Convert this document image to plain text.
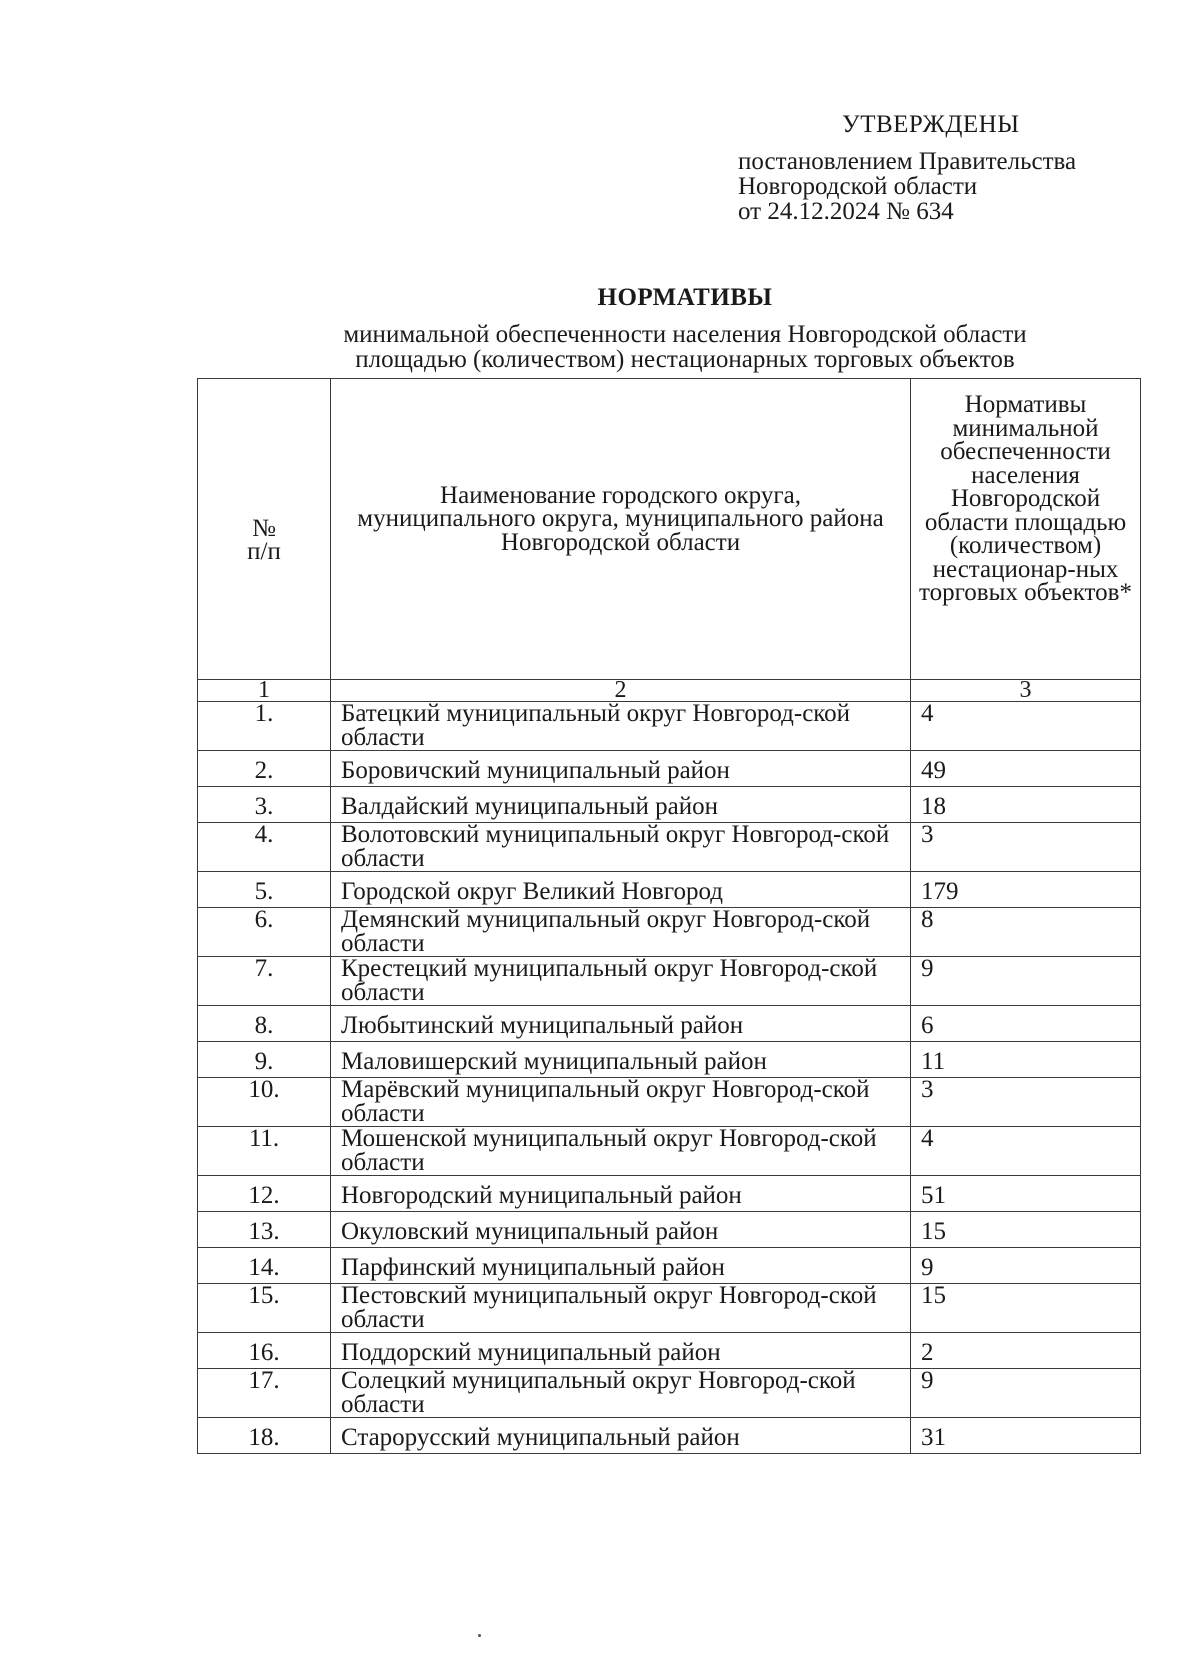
УТВЕРЖДЕНЫ
постановлением Правительства
Новгородской области
от 24.12.2024 № 634
НОРМАТИВЫ
минимальной обеспеченности населения Новгородской области
площадью (количеством) нестационарных торговых объектов
№
п/п	Наименование городского округа, муниципального округа, муниципального района Новгородской области	Нормативы минимальной обеспеченности населения Новгородской области площадью (количеством) нестационар-ных торговых объектов*
1	2	3
1.	Батецкий муниципальный округ Новгород-ской области	4
2.	Боровичский муниципальный район	49
3.	Валдайский муниципальный район	18
4.	Волотовский муниципальный округ Новгород-ской области	3
5.	Городской округ Великий Новгород	179
6.	Демянский муниципальный округ Новгород-ской области	8
7.	Крестецкий муниципальный округ Новгород-ской области	9
8.	Любытинский муниципальный район	6
9.	Маловишерский муниципальный район	11
10.	Марёвский муниципальный округ Новгород-ской области	3
11.	Мошенской муниципальный округ Новгород-ской области	4
12.	Новгородский муниципальный район	51
13.	Окуловский муниципальный район	15
14.	Парфинский муниципальный район	9
15.	Пестовский муниципальный округ Новгород-ской области	15
16.	Поддорский муниципальный район	2
17.	Солецкий муниципальный округ Новгород-ской области	9
18.	Старорусский муниципальный район	31
